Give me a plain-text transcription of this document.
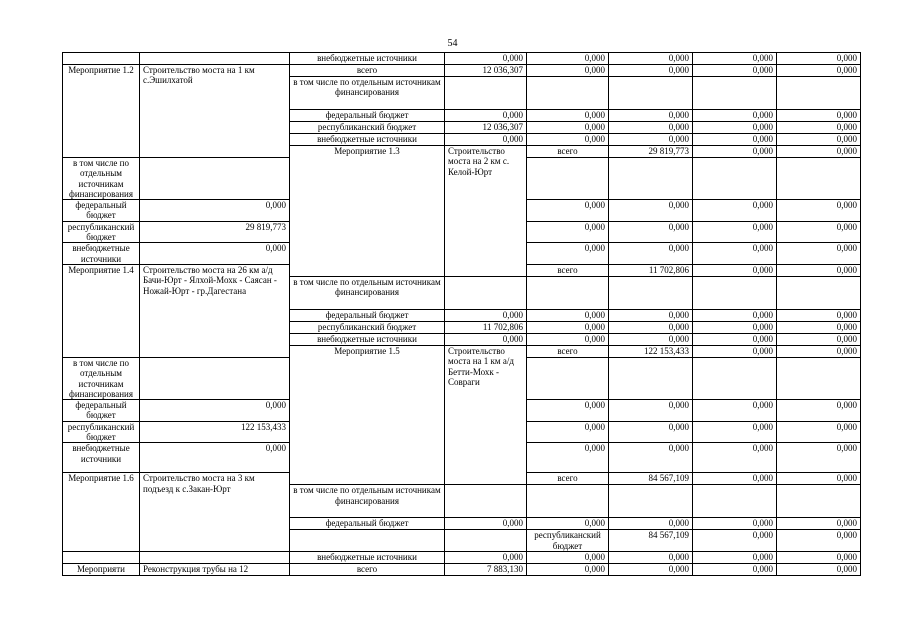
54
		внебюджетные источники	0,000	0,000	0,000	0,000	0,000	
Мероприятие 1.2	Строительство моста на 1 км с.Эшилхатой	всего	12 036,307	0,000	0,000	0,000	0,000	
		в том числе по отдельным источникам финансирования						
		федеральный бюджет	0,000	0,000	0,000	0,000	0,000	
		республиканский бюджет	12 036,307	0,000	0,000	0,000	0,000	
		внебюджетные источники	0,000	0,000	0,000	0,000	0,000	
		Мероприятие 1.3	Строительство моста на 2 км с. Келой-Юрт	всего	29 819,773	0,000	0,000		
в том числе по отдельным источникам финансирования								
федеральный бюджет	0,000			0,000	0,000	0,000	0,000	
республиканский бюджет	29 819,773			0,000	0,000	0,000	0,000	
внебюджетные источники	0,000			0,000	0,000	0,000	0,000	
Мероприятие 1.4	Строительство моста на 26 км а/д Бачи-Юрт - Ялхой-Мохк - Саясан - Ножай-Юрт - гр.Дагестана			всего	11 702,806	0,000	0,000		
		в том числе по отдельным источникам финансирования						
		федеральный бюджет	0,000	0,000	0,000	0,000	0,000	
		республиканский бюджет	11 702,806	0,000	0,000	0,000	0,000	
		внебюджетные источники	0,000	0,000	0,000	0,000	0,000	
		Мероприятие 1.5	Строительство моста на 1 км а/д Бетти-Мохк - Совраги	всего	122 153,433	0,000	0,000		
в том числе по отдельным источникам финансирования								
федеральный бюджет	0,000			0,000	0,000	0,000	0,000	
республиканский бюджет	122 153,433			0,000	0,000	0,000	0,000	
внебюджетные источники	0,000			0,000	0,000	0,000	0,000	
Мероприятие 1.6	Строительство моста на 3 км подъезд к с.Закан-Юрт			всего	84 567,109	0,000	0,000		
		в том числе по отдельным источникам финансирования						
		федеральный бюджет	0,000	0,000	0,000	0,000	0,000	
				республиканский бюджет	84 567,109	0,000	0,000		
		внебюджетные источники	0,000	0,000	0,000	0,000	0,000	
Мероприяти	Реконструкция трубы на 12	всего	7 883,130	0,000	0,000	0,000	0,000	
